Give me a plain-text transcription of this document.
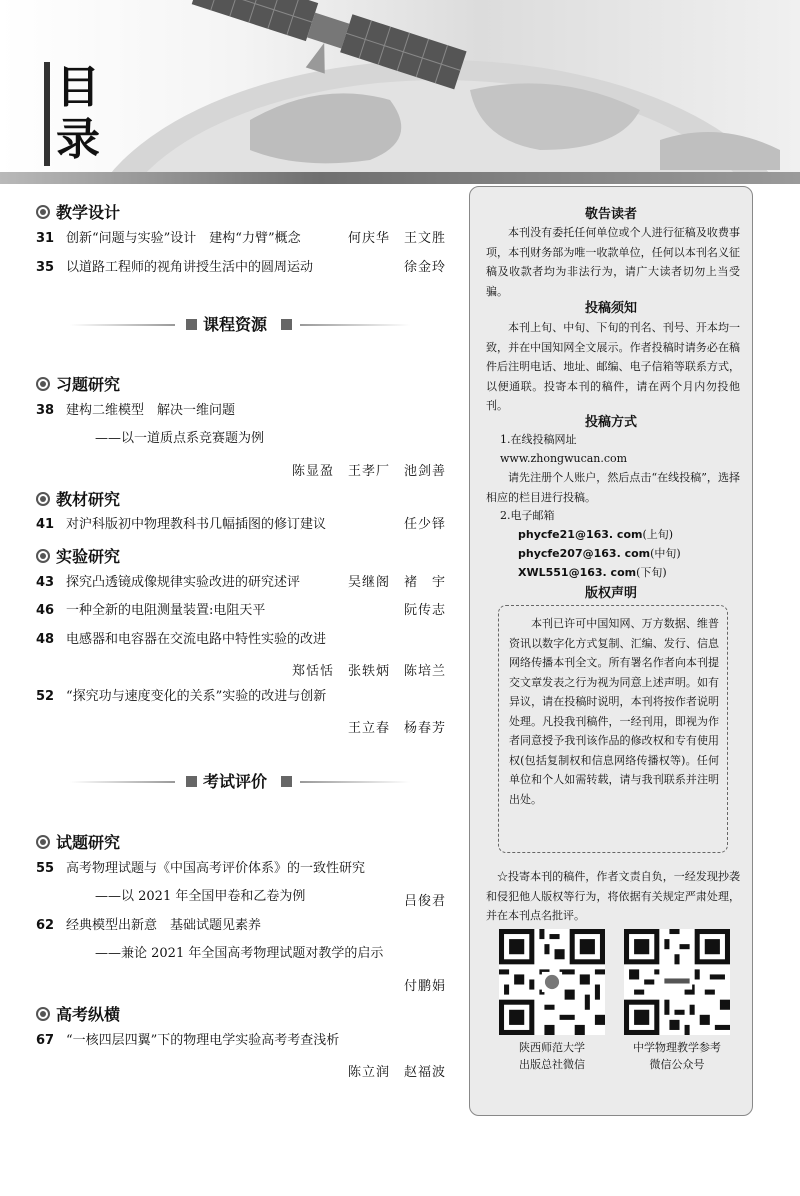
目
录
教学设计
31 创新“问题与实验”设计　建构“力臂”概念	何庆华　王文胜
35 以道路工程师的视角讲授生活中的圆周运动	徐金玲
课程资源
习题研究
38 建构二维模型　解决一维问题
——以一道质点系竞赛题为例
陈显盈　王孝厂　池剑善
教材研究
41 对沪科版初中物理教科书几幅插图的修订建议	任少铎
实验研究
43 探究凸透镜成像规律实验改进的研究述评	吴继阁　褚　宇
46 一种全新的电阻测量装置:电阻天平	阮传志
48 电感器和电容器在交流电路中特性实验的改进
郑恬恬　张轶炳　陈培兰
52 “探究功与速度变化的关系”实验的改进与创新
王立春　杨春芳
考试评价
试题研究
55 高考物理试题与《中国高考评价体系》的一致性研究
——以 2021 年全国甲卷和乙卷为例	吕俊君
62 经典模型出新意　基础试题见素养
——兼论 2021 年全国高考物理试题对教学的启示
付鹏娟
高考纵横
67 “一核四层四翼”下的物理电学实验高考考查浅析
陈立润　赵福波
敬告读者
本刊没有委托任何单位或个人进行征稿及收费事项，本刊财务部为唯一收款单位，任何以本刊名义征稿及收款者均为非法行为，请广大读者切勿上当受骗。
投稿须知
本刊上旬、中旬、下旬的刊名、刊号、开本均一致，并在中国知网全文展示。作者投稿时请务必在稿件后注明电话、地址、邮编、电子信箱等联系方式，以便通联。投寄本刊的稿件，请在两个月内勿投他刊。
投稿方式
1.在线投稿网址
www.zhongwucan.com
请先注册个人账户，然后点击“在线投稿”，选择相应的栏目进行投稿。
2.电子邮箱
phycfe21@163. com(上旬)
phycfe207@163. com(中旬)
XWL551@163. com(下旬)
版权声明
本刊已许可中国知网、万方数据、维普资讯以数字化方式复制、汇编、发行、信息网络传播本刊全文。所有署名作者向本刊提交文章发表之行为视为同意上述声明。如有异议，请在投稿时说明，本刊将按作者说明处理。凡投我刊稿件，一经刊用，即视为作者同意授予我刊该作品的修改权和专有使用权(包括复制权和信息网络传播权等)。任何单位和个人如需转载，请与我刊联系并注明出处。
☆投寄本刊的稿件，作者文责自负，一经发现抄袭和侵犯他人版权等行为，将依据有关规定严肃处理，并在本刊点名批评。
陕西师范大学
出版总社微信
中学物理教学参考
微信公众号
